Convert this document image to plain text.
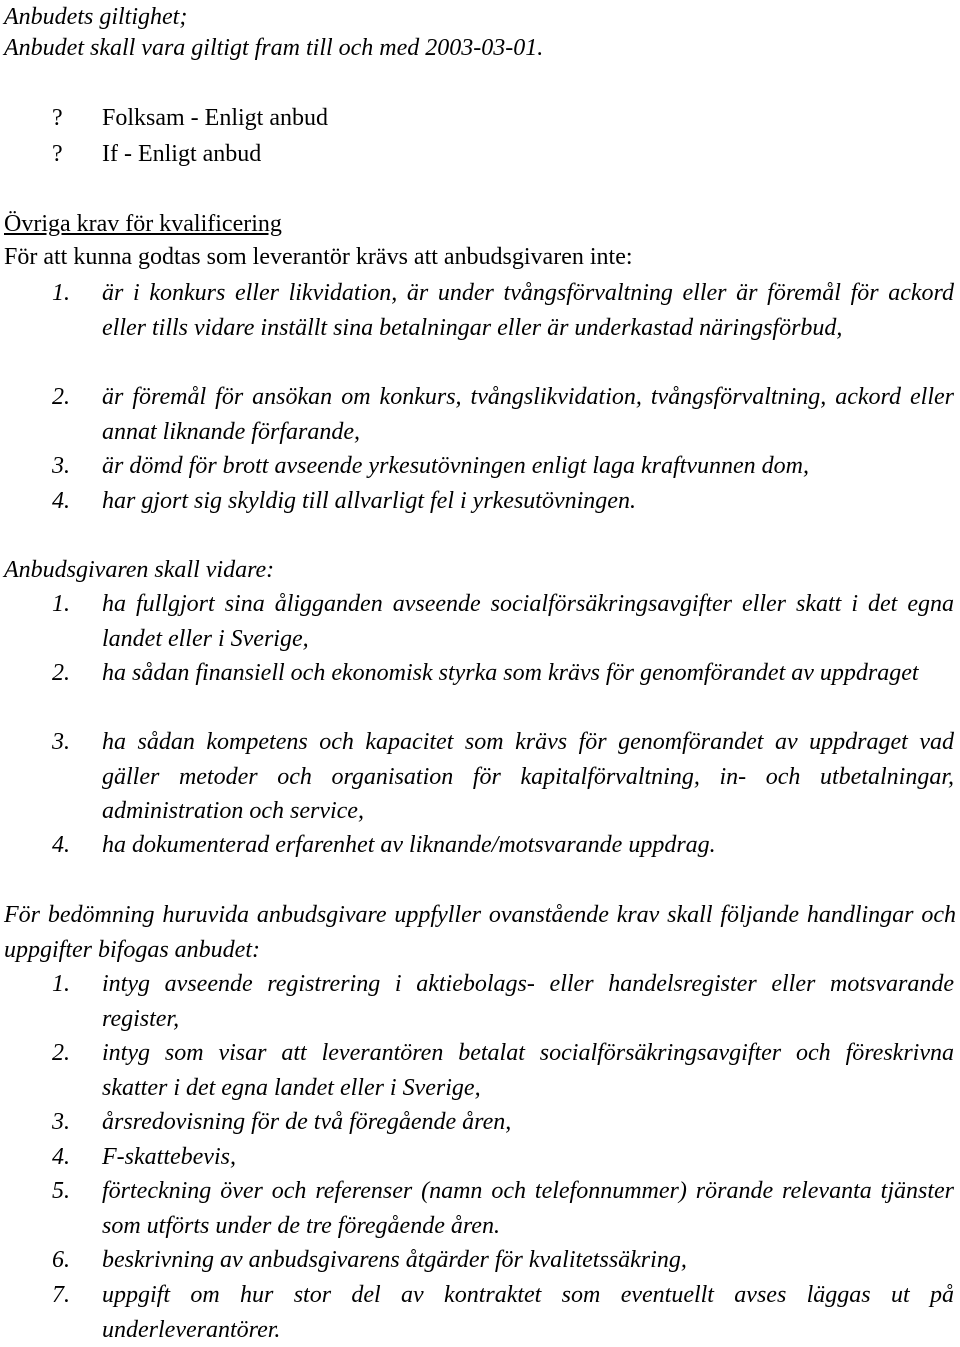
Anbudets giltighet;
Anbudet skall vara giltigt fram till och med 2003-03-01.
? Folksam - Enligt anbud
? If - Enligt anbud
Övriga krav för kvalificering
För att kunna godtas som leverantör krävs att anbudsgivaren inte:
1. är i konkurs eller likvidation, är under tvångsförvaltning eller är föremål för ackord eller tills vidare inställt sina betalningar eller är underkastad näringsförbud,
2. är föremål för ansökan om konkurs, tvångslikvidation, tvångsförvaltning, ackord eller annat liknande förfarande,
3. är dömd för brott avseende yrkesutövningen enligt laga kraftvunnen dom,
4. har gjort sig skyldig till allvarligt fel i yrkesutövningen.
Anbudsgivaren skall vidare:
1. ha fullgjort sina åligganden avseende socialförsäkringsavgifter eller skatt i det egna landet eller i Sverige,
2. ha sådan finansiell och ekonomisk styrka som krävs för genomförandet av uppdraget
3. ha sådan kompetens och kapacitet som krävs för genomförandet av uppdraget vad gäller metoder och organisation för kapitalförvaltning, in- och utbetalningar, administration och service,
4. ha dokumenterad erfarenhet av liknande/motsvarande uppdrag.
För bedömning huruvida anbudsgivare uppfyller ovanstående krav skall följande handlingar och uppgifter bifogas anbudet:
1. intyg avseende registrering i aktiebolags- eller handelsregister eller motsvarande register,
2. intyg som visar att leverantören betalat socialförsäkringsavgifter och föreskrivna skatter i det egna landet eller i Sverige,
3. årsredovisning för de två föregående åren,
4. F-skattebevis,
5. förteckning över och referenser (namn och telefonnummer) rörande relevanta tjänster som utförts under de tre föregående åren.
6. beskrivning av anbudsgivarens åtgärder för kvalitetssäkring,
7. uppgift om hur stor del av kontraktet som eventuellt avses läggas ut på underleverantörer.
